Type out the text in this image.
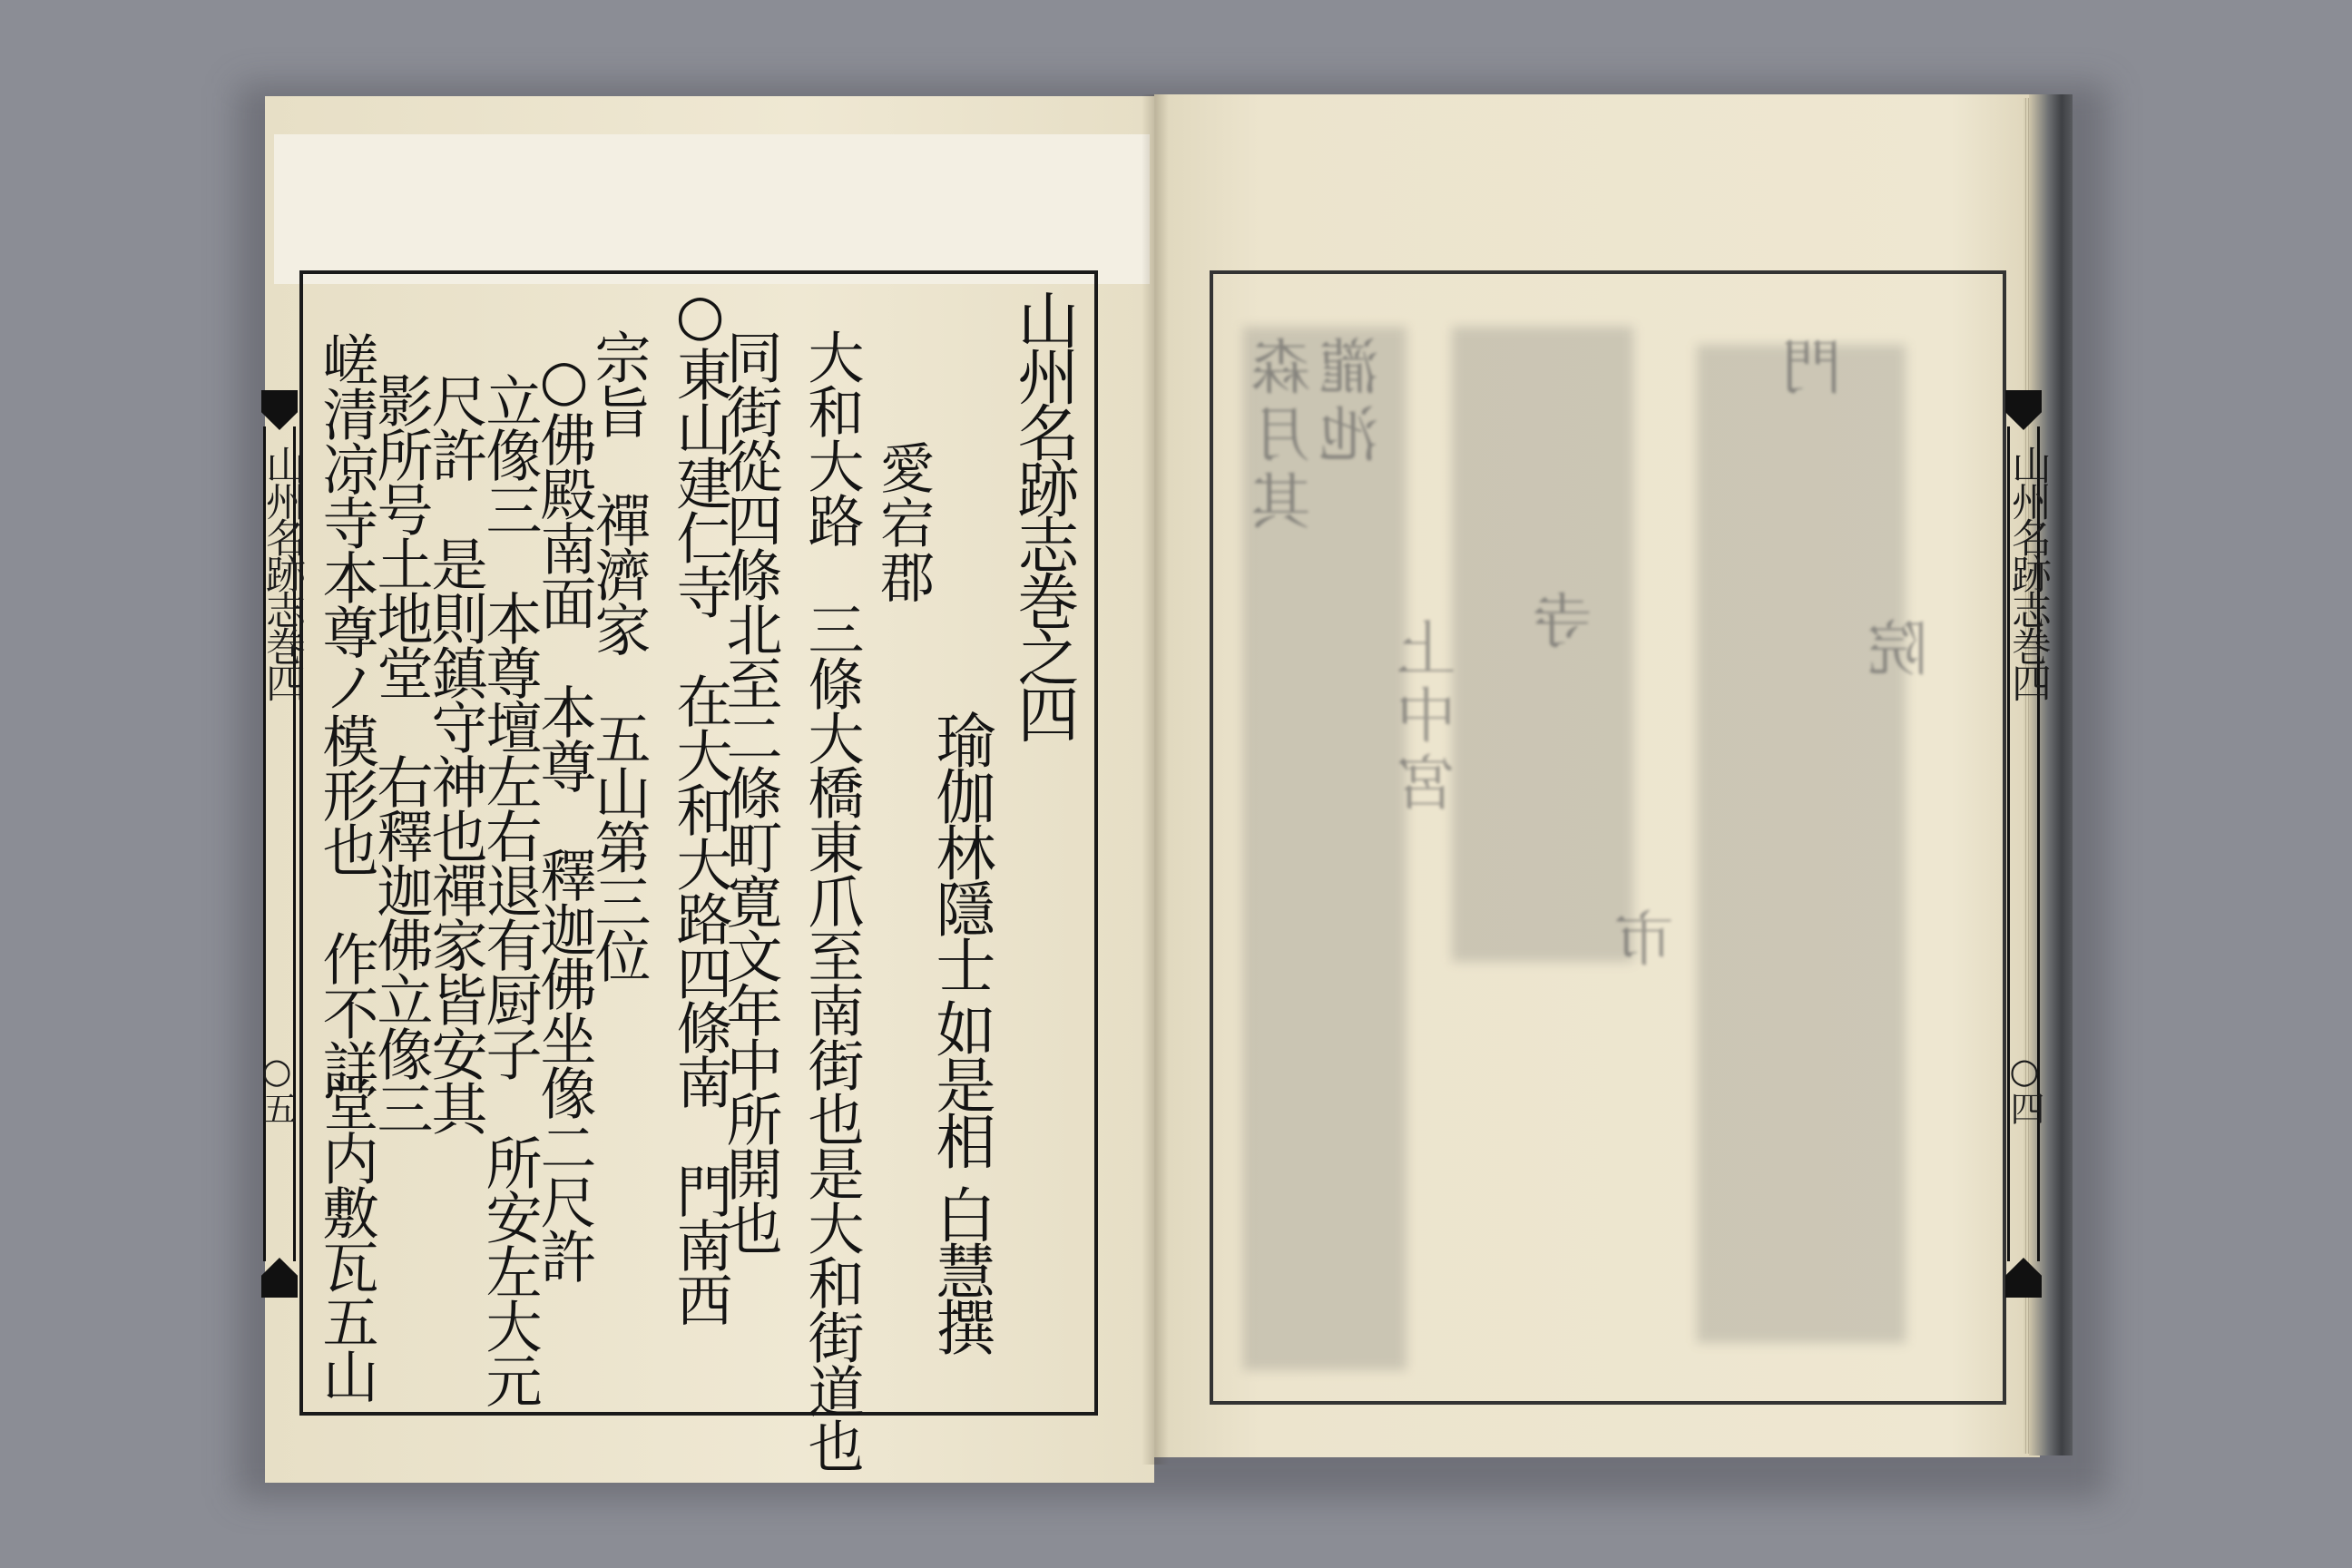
山州名跡志巻四
○五
山州名跡志巻之四
瑜伽林隱士
如是相
白慧撰
愛宕郡
大和大路　三條大橋東爪至南街也是大和街道也
同街從四條北至二條町寛文年中所開也
○東山建仁寺　在大和大路四條南　門南西
宗旨　禪濟家　五山第三位
○佛殿南面　本尊　釋迦佛坐像二尺許
立像三　本尊壇左右退有厨子　所安左大元
尺許　是則鎮守神也禪家皆安其
影所号土地堂　右釋迦佛立像三
嵯清凉寺本尊ノ模形也　作不詳
堂内敷瓦五山
森月其
瀧池
上中宮 寺
市
門
院 山州名跡志巻四
○四
